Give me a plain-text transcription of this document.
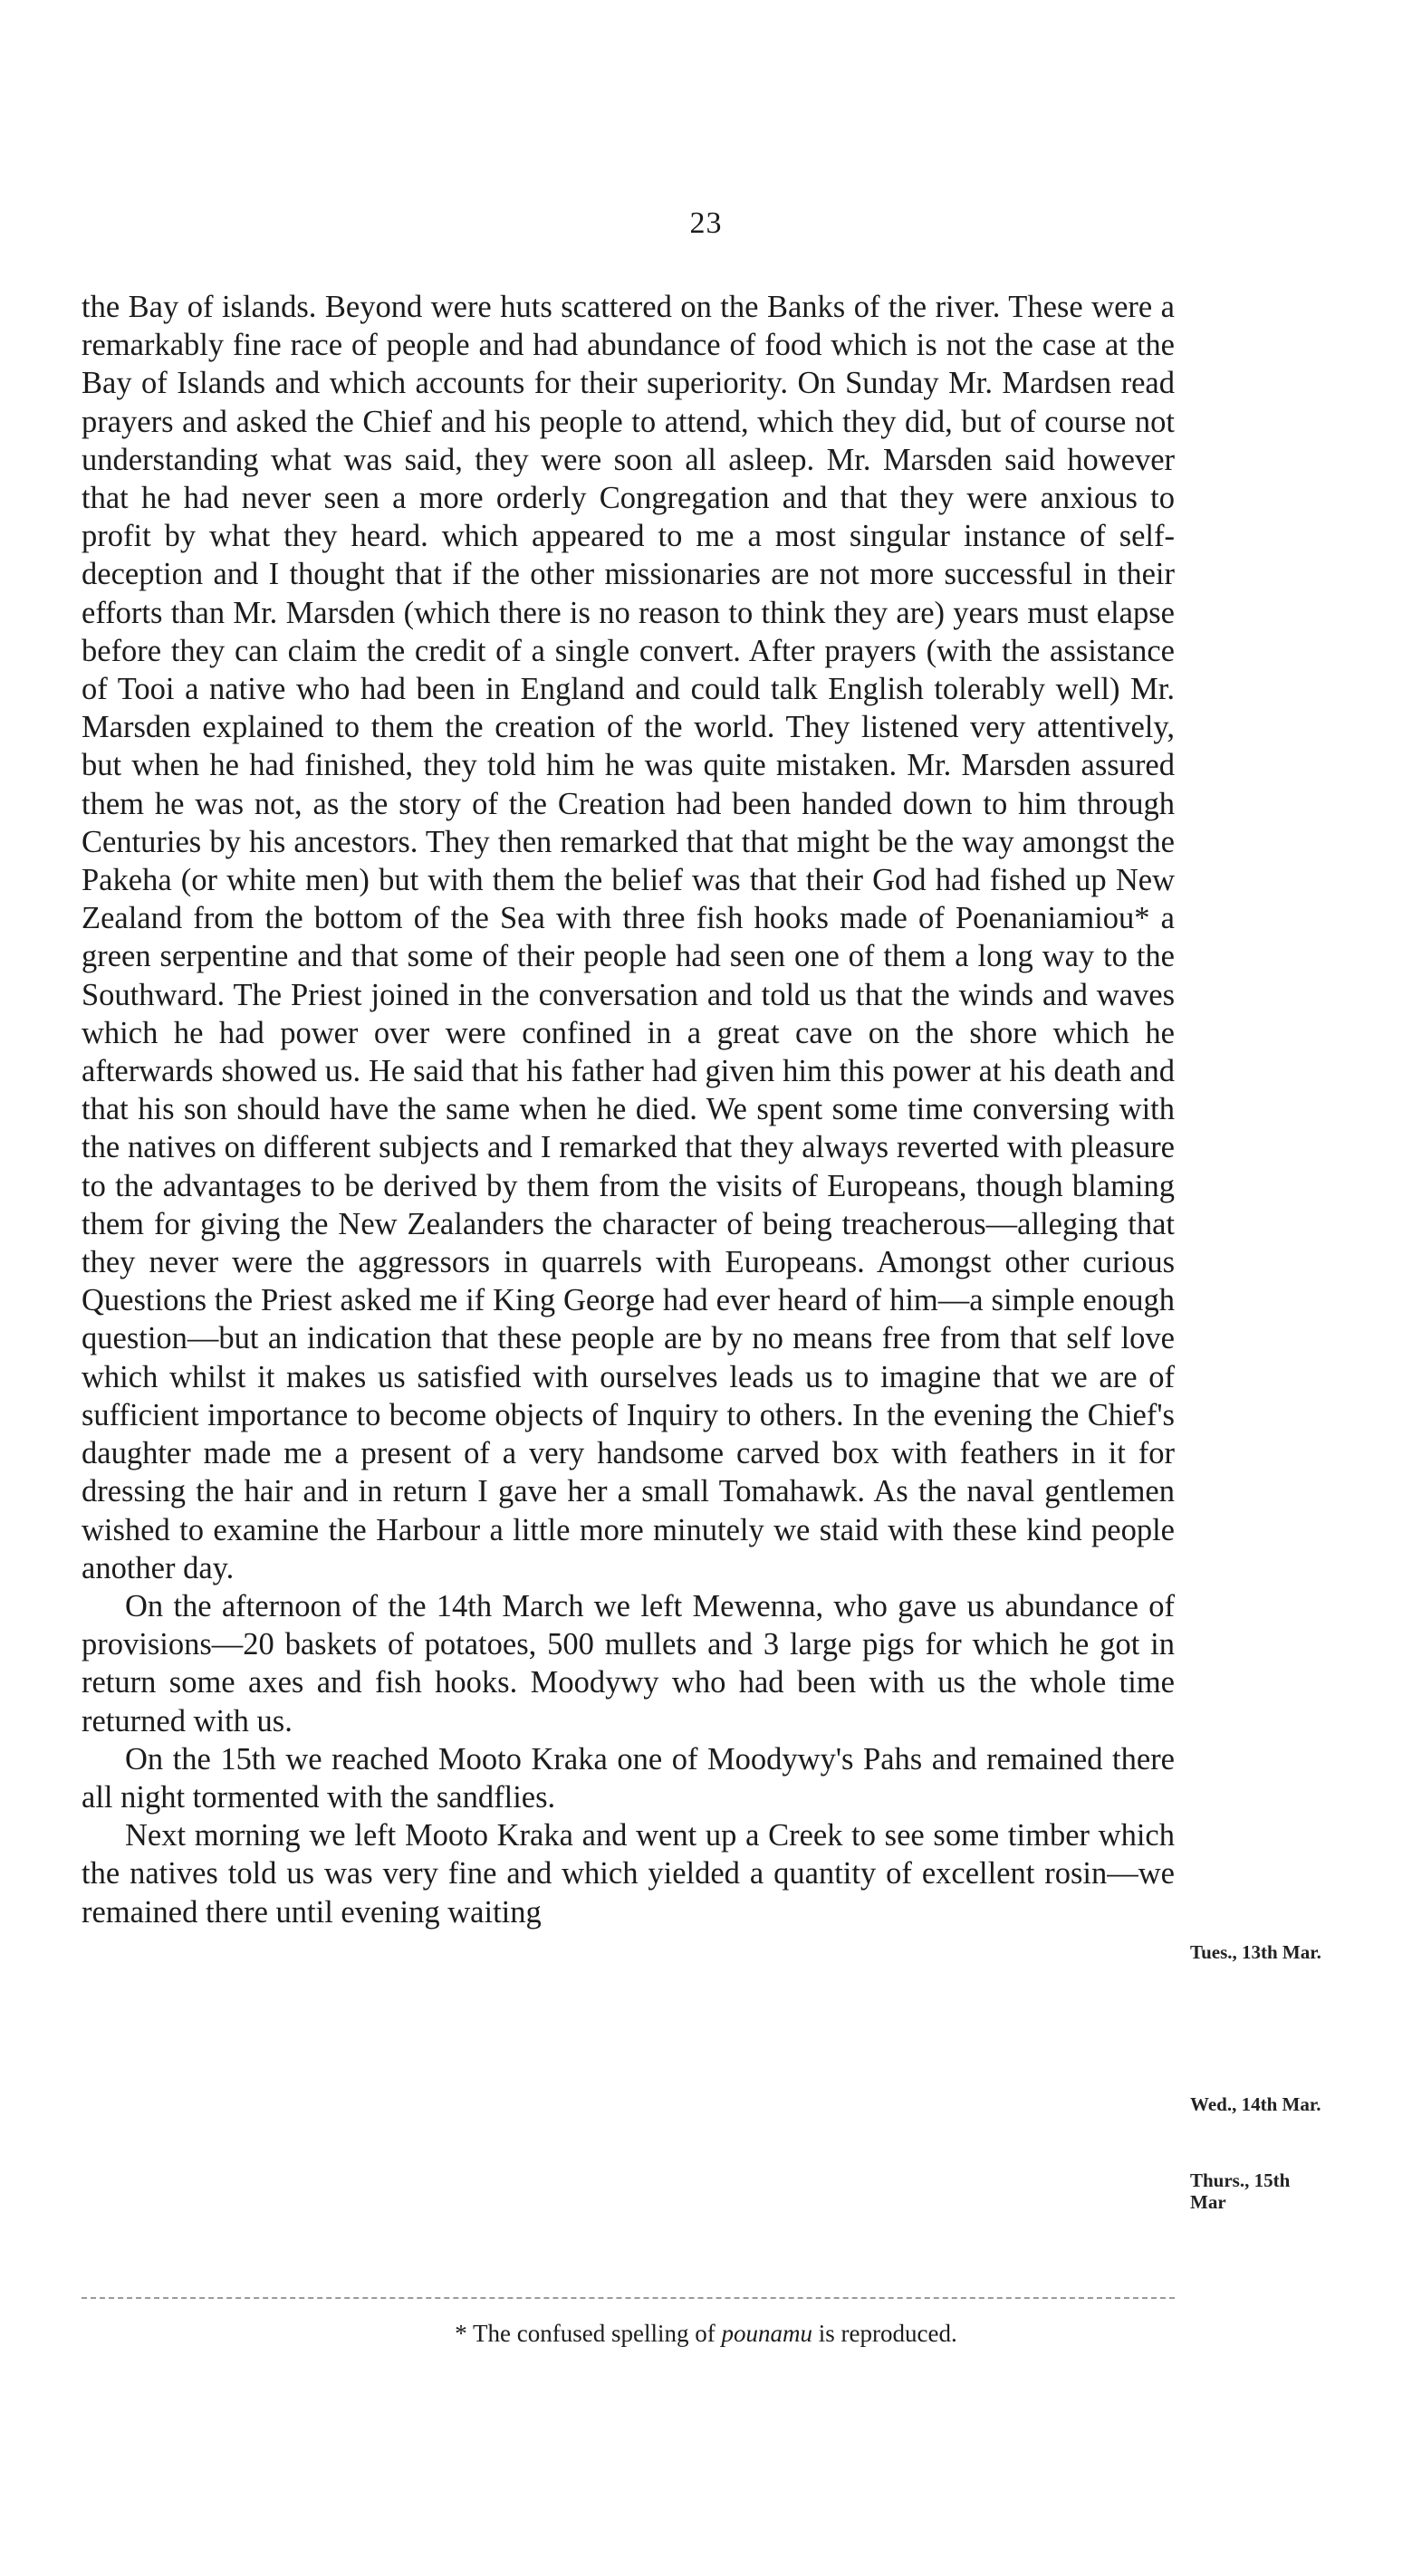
23

the Bay of islands. Beyond were huts scattered on the Banks of the river. These were a remarkably fine race of people and had abundance of food which is not the case at the Bay of Islands and which accounts for their superiority. On Sunday Mr. Mardsen read prayers and asked the Chief and his people to attend, which they did, but of course not understanding what was said, they were soon all asleep. Mr. Marsden said however that he had never seen a more orderly Congregation and that they were anxious to profit by what they heard. which appeared to me a most singular instance of self-deception and I thought that if the other missionaries are not more successful in their efforts than Mr. Marsden (which there is no reason to think they are) years must elapse before they can claim the credit of a single convert. After prayers (with the assistance of Tooi a native who had been in England and could talk English tolerably well) Mr. Marsden explained to them the creation of the world. They listened very attentively, but when he had finished, they told him he was quite mistaken. Mr. Marsden assured them he was not, as the story of the Creation had been handed down to him through Centuries by his ancestors. They then remarked that that might be the way amongst the Pakeha (or white men) but with them the belief was that their God had fished up New Zealand from the bottom of the Sea with three fish hooks made of Poenaniamiou* a green serpentine and that some of their people had seen one of them a long way to the Southward. The Priest joined in the conversation and told us that the winds and waves which he had power over were confined in a great cave on the shore which he afterwards showed us. He said that his father had given him this power at his death and that his son should have the same when he died. We spent some time conversing with the natives on different subjects and I remarked that they always reverted with pleasure to the advantages to be derived by them from the visits of Europeans, though blaming them for giving the New Zealanders the character of being treacherous—alleging that they never were the aggressors in quarrels with Europeans. Amongst other curious Questions the Priest asked me if King George had ever heard of him—a simple enough question—but an indication that these people are by no means free from that self love which whilst it makes us satisfied with ourselves leads us to imagine that we are of sufficient importance to become objects of Inquiry to others. In the evening the Chief's daughter made me a present of a very handsome carved box with feathers in it for dressing the hair and in return I gave her a small Tomahawk. As the naval gentlemen wished to examine the Harbour a little more minutely we staid with these kind people another day.

On the afternoon of the 14th March we left Mewenna, who gave us abundance of provisions—20 baskets of potatoes, 500 mullets and 3 large pigs for which he got in return some axes and fish hooks. Moodywy who had been with us the whole time returned with us.

On the 15th we reached Mooto Kraka one of Moodywy's Pahs and remained there all night tormented with the sandflies.

Next morning we left Mooto Kraka and went up a Creek to see some timber which the natives told us was very fine and which yielded a quantity of excellent rosin—we remained there until evening waiting

Tues., 13th Mar.
Wed., 14th Mar.
Thurs., 15th Mar
* The confused spelling of pounamu is reproduced.
